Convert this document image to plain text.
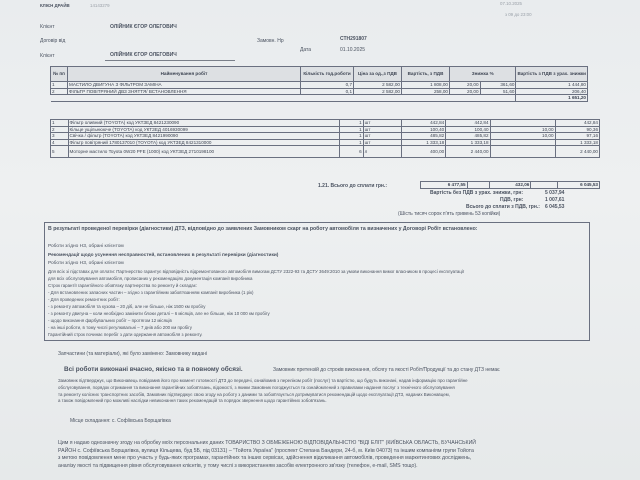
КЛІЄН ДРАЙВ	14143279	07.10.2025
з 09 до 23:00
Клієнт	ОЛІЙНИК ЄГОР ОЛЕГОВИЧ
Договір від	Замовн. Нр	СТН291807
Дата	01.10.2025
Клієнт	ОЛІЙНИК ЄГОР ОЛЕГОВИЧ
№ пп	Найменування робіт	Кількість год.роботи	Ціна за од.,з ПДВ	Вартість, з ПДВ	Знижка %		Вартість з ПДВ з урах. знижки
1	МАСТИЛО ДВИГУНА З ФІЛЬТРОМ ЗАМІНА	0,7	2 582,00	1 808,00	20,00	361,60	1 444,80
2	ФІЛЬТР ПОВІТРЯНИЙ ДВЗ ЗНЯТТЯ/ ВСТАНОВЛЕННЯ	0,1	2 582,00	258,00	20,00	51,60	206,40
							1 651,20
1	Фільтр оливний (TOYOTA) код УКТЗЕД 8421230090	1	шт	442,84	442,84		442,84
2	Кільце ущільнююче (TOYOTA) код УКТЗЕД 4016930099	1	шт	100,40	100,40	10,00	90,36
3	Свічка / фільтр (TOYOTA) код УКТЗЕД 8421990090	1	шт	485,82	485,82	10,00	97,16
4	Фільтр повітряний 1780137010 (TOYOTA) код УКТЗЕД 8421310000	1	шт	1 333,18	1 333,18		1 333,18
5	Моторне мастило Toyota 0W20 PFE (1000) код УКТЗЕД 2710198100	6	л	400,00	2 440,00		2 440,00
1.21. Всього до сплати грн.:	6 477,55		432,06		6 045,53
Вартість без ПДВ з урах. знижки, грн:	5 037,94
ПДВ, грн:	1 007,61
Всього до сплати з ПДВ, грн.: 6 045,53
(Шість тисяч сорок п'ять гривень 53 копійки)
В результаті проведеної перевірки (діагностики) ДТЗ, відповідно до заявлених Замовником скарг на роботу автомобіля та визначених у Договорі Робіт встановлено:
Роботи згідно НЗ, обрані клієнтом
Рекомендації щодо усунення несправностей, встановлених в результаті перевірки (діагностики)
Роботи згідно НЗ, обрані клієнтом
Для всіх зі підставах для оплати: Партнерство гарантує відповідність відремонтованого автомобіля вимогам ДСТУ 2322-93 та ДСТУ 3649:2010 за умови виконання вимог власником в процесі експлуатації
для всіх обслуговування автомобіля, прописаних у рекомендаціях документація компанії виробника
Строк гарантії гарантійного обов'язку партнерства по ремонту й складає:
- Для встановлених запасних частин – згідно з гарантійним забов'язанням компанії виробника (1 рік)
- Для проведених ремонтних робіт:
- з ремонту автомобіля та кузова – 20 діб, але не більше, ніж 1500 км пробігу
- з ремонту двигуна – коли необхідно замінити блоки деталі – 6 місяців, але не більше, ніж 10 000 км пробігу
- щодо виконання фарбувальних робіт – протягом 12 місяців
- на інші роботи, в тому числі регулювальні – 7 днів або 200 км пробігу
Гарантійний строк починає перебіг з дати одержання автомобіля з ремонту.
Запчастини (та матеріали), які було замінено: Замовнику видані
Всі роботи виконані вчасно, якісно та в повному обсязі.	Замовник претензій до строків виконання, обсягу та якості Робіт/Продукції та до стану ДТЗ немає
Замовник підтверджує, що Виконавець повідомив його про момент готовності ДТЗ до передачі, ознайомив з переліком робіт (послуг) та вартістю, що будуть виконані, надав інформацію про гарантійне
обслуговування, порядок отримання та виконання гарантійних зобов'язань, відомості, з якими Замовник погоджується та ознайомлений з правилами надання послуг з технічного обслуговування
та ремонту колісних транспортних засобів, Замовник підтверджує свою згоду на роботу з даними та зобов'язується дотримуватися рекомендацій щодо експлуатації ДТЗ, наданих Виконавцем,
а також повідомлений про можливі наслідки невиконання таких рекомендацій та порядок звернення щодо гарантійних зобов'язань.
Місце складання: с. Софіївська Борщагівка
Цим я надаю однозначну згоду на обробку моїх персональних даних ТОВАРИСТВО З ОБМЕЖЕНОЮ ВІДПОВІДАЛЬНІСТЮ "ВІДІ ЕЛІТ" (КИЇВСЬКА ОБЛАСТЬ, БУЧАНСЬКИЙ
РАЙОН с. Софіївська Борщагівка, вулиця Кільцева, буд 5Б, під 03131) – "Тойота Україна" (проспект Степана Бандери, 24-б, м. Київ 04073) та іншим компаніям групи Тойота
з метою повідомлення мене про участь у будь-яких програмах, гарантійних та інших сервісах, здійснення відкликання автомобілів, проведення маркетингових досліджень,
аналізу якості та підвищення рівня обслуговування клієнтів, у тому числі з використанням засобів електронного зв'язку (телефон, e-mail, SMS тощо).
